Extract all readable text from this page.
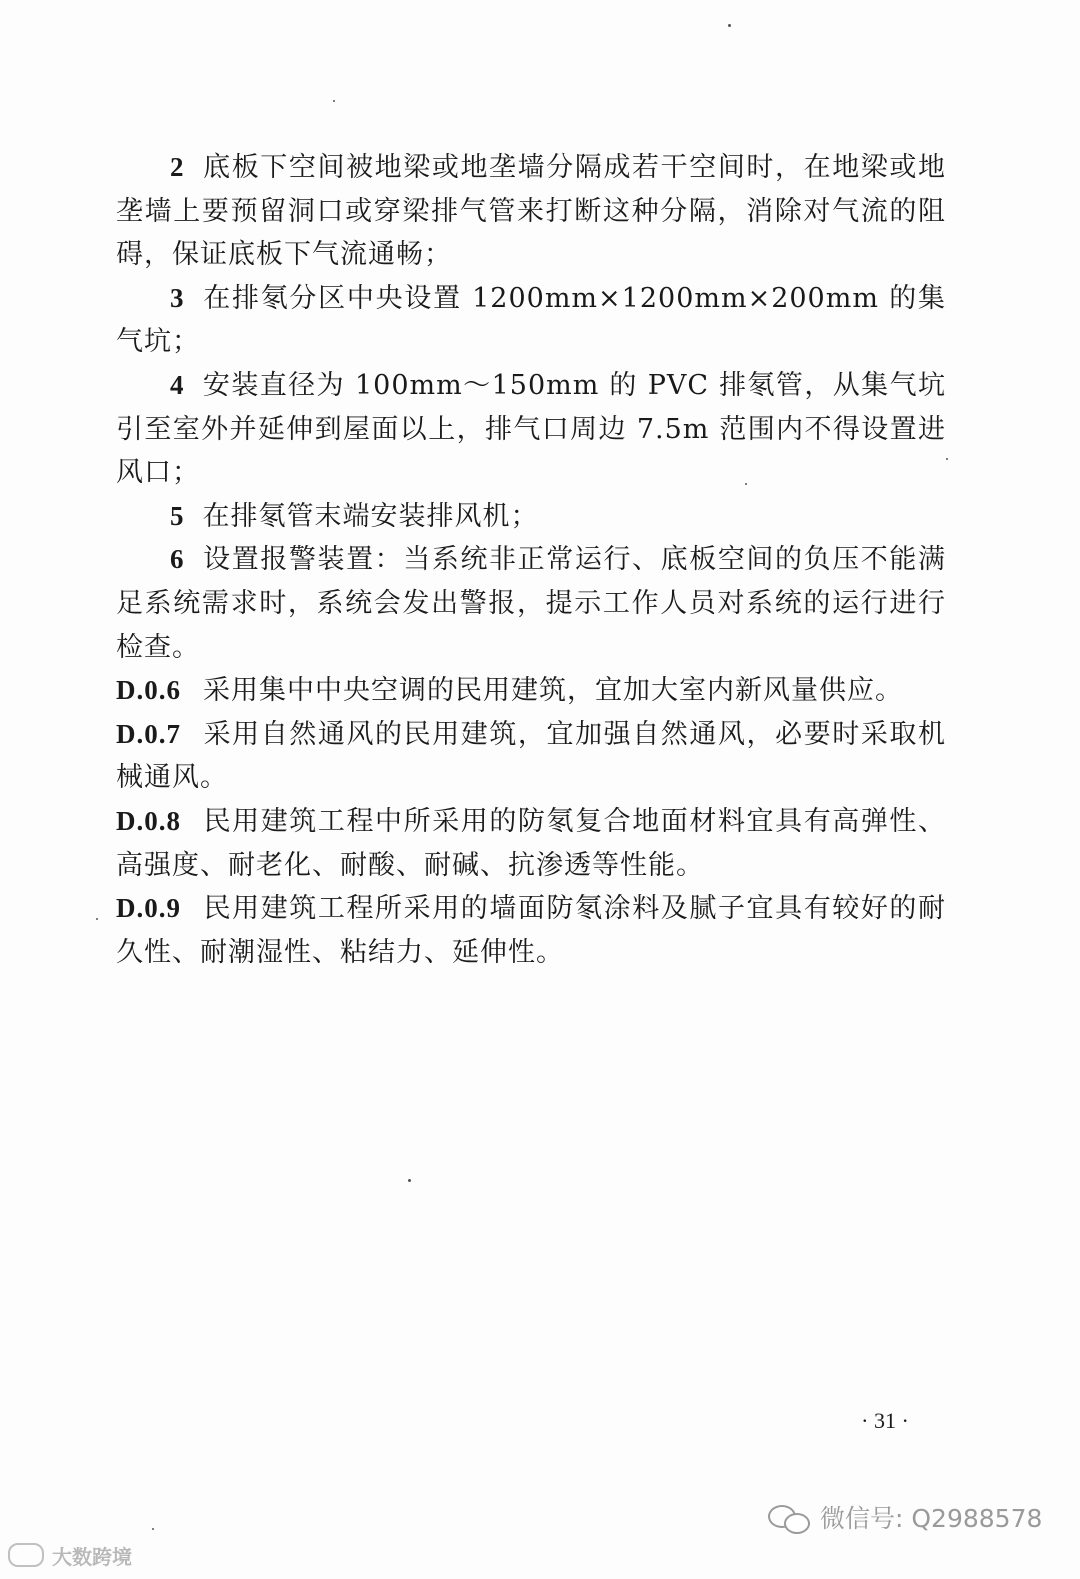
2 底板下空间被地梁或地垄墙分隔成若干空间时，在地梁或地垄墙上要预留洞口或穿梁排气管来打断这种分隔，消除对气流的阻碍，保证底板下气流通畅；

3 在排氡分区中央设置 1200mm×1200mm×200mm 的集气坑；

4 安装直径为 100mm～150mm 的 PVC 排氡管，从集气坑引至室外并延伸到屋面以上，排气口周边 7.5m 范围内不得设置进风口；

5 在排氡管末端安装排风机；

6 设置报警装置：当系统非正常运行、底板空间的负压不能满足系统需求时，系统会发出警报，提示工作人员对系统的运行进行检查。

D.0.6 采用集中中央空调的民用建筑，宜加大室内新风量供应。

D.0.7 采用自然通风的民用建筑，宜加强自然通风，必要时采取机械通风。

D.0.8 民用建筑工程中所采用的防氡复合地面材料宜具有高弹性、高强度、耐老化、耐酸、耐碱、抗渗透等性能。

D.0.9 民用建筑工程所采用的墙面防氡涂料及腻子宜具有较好的耐久性、耐潮湿性、粘结力、延伸性。

· 31 ·
微信号: Q2988578
大数跨境
